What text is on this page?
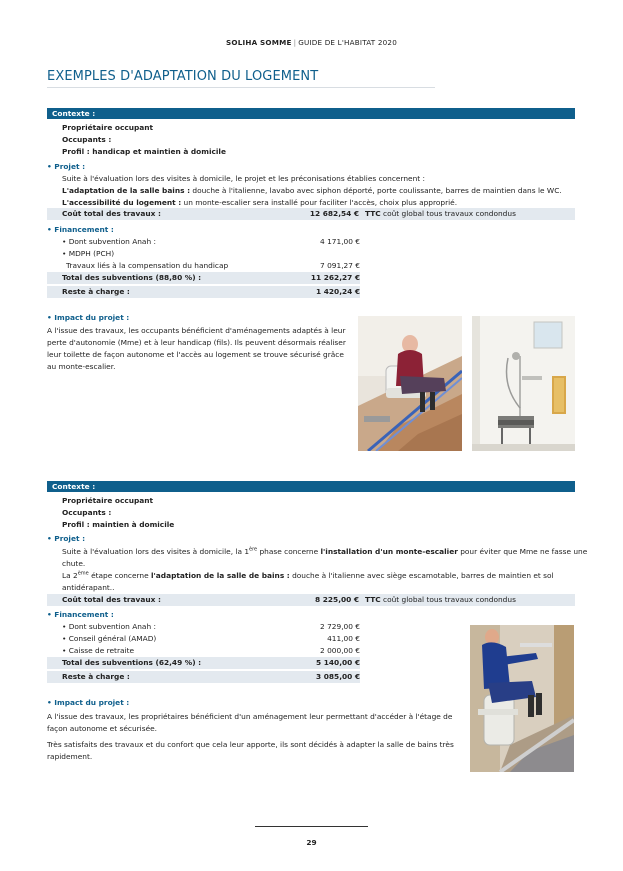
SOLIHA SOMME | GUIDE DE L'HABITAT 2020
EXEMPLES D'ADAPTATION DU LOGEMENT
Contexte :
Propriétaire occupant
Occupants :
Profil : handicap et maintien à domicile
• Projet :
Suite à l'évaluation lors des visites à domicile, le projet et les préconisations établies concernent :
L'adaptation de la salle bains : douche à l'italienne, lavabo avec siphon déporté, porte coulissante, barres de maintien dans le WC.
L'accessibilité du logement : un monte-escalier sera installé pour faciliter l'accès, choix plus approprié.
Coût total des travaux :	12 682,54 € TTC coût global tous travaux condondus
• Financement :
• Dont subvention Anah :	4 171,00 €
• MDPH (PCH)
Travaux liés à la compensation du handicap	7 091,27 €
Total des subventions (88,80 %) :	11 262,27 €
Reste à charge :	1 420,24 €
• Impact du projet :
A l'issue des travaux, les occupants bénéficient d'aménagements adaptés à leur
perte d'autonomie (Mme) et à leur handicap (fils). Ils peuvent désormais réaliser
leur toilette de façon autonome et l'accès au logement se trouve sécurisé grâce
au monte-escalier.
Contexte :
Propriétaire occupant
Occupants :
Profil : maintien à domicile
• Projet :
Suite à l'évaluation lors des visites à domicile, la 1ère phase concerne l'installation d'un monte-escalier pour éviter que Mme ne fasse une
chute.
La 2ème étape concerne l'adaptation de la salle de bains : douche à l'italienne avec siège escamotable, barres de maintien et sol
antidérapant..
Coût total des travaux :	8 225,00 € TTC coût global tous travaux condondus
• Financement :
• Dont subvention Anah :	2 729,00 €
• Conseil général (AMAD)	411,00 €
• Caisse de retraite	2 000,00 €
Total des subventions (62,49 %) :	5 140,00 €
Reste à charge :	3 085,00 €
• Impact du projet :
A l'issue des travaux, les propriétaires bénéficient d'un aménagement leur permettant d'accéder à l'étage de
façon autonome et sécurisée.
Très satisfaits des travaux et du confort que cela leur apporte, ils sont décidés à adapter la salle de bains très
rapidement.
29
